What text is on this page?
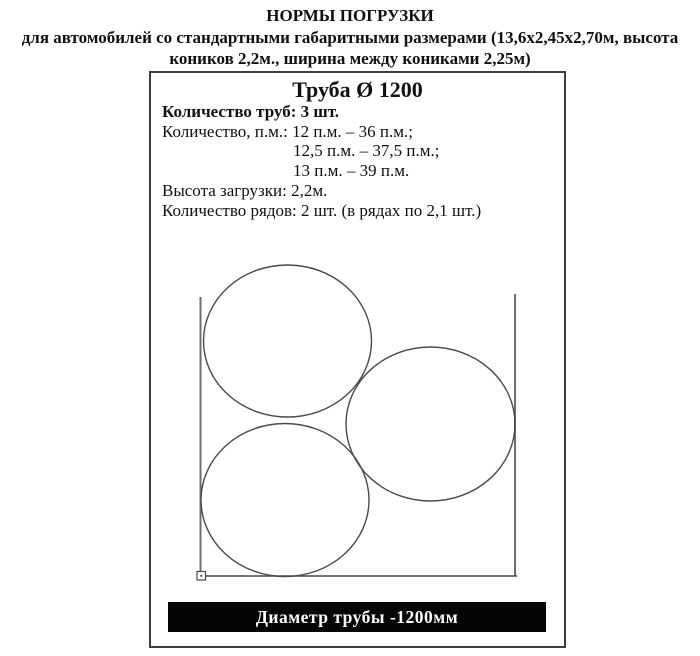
НОРМЫ ПОГРУЗКИ
для автомобилей со стандартными габаритными размерами (13,6х2,45х2,70м, высота
коников 2,2м., ширина между кониками 2,25м)
Труба Ø 1200
Количество труб: 3 шт.
Количество, п.м.: 12 п.м. – 36 п.м.;
12,5 п.м. – 37,5 п.м.;
13 п.м. – 39 п.м.
Высота загрузки: 2,2м.
Количество рядов: 2 шт. (в рядах по 2,1 шт.)
Диаметр трубы -1200мм
